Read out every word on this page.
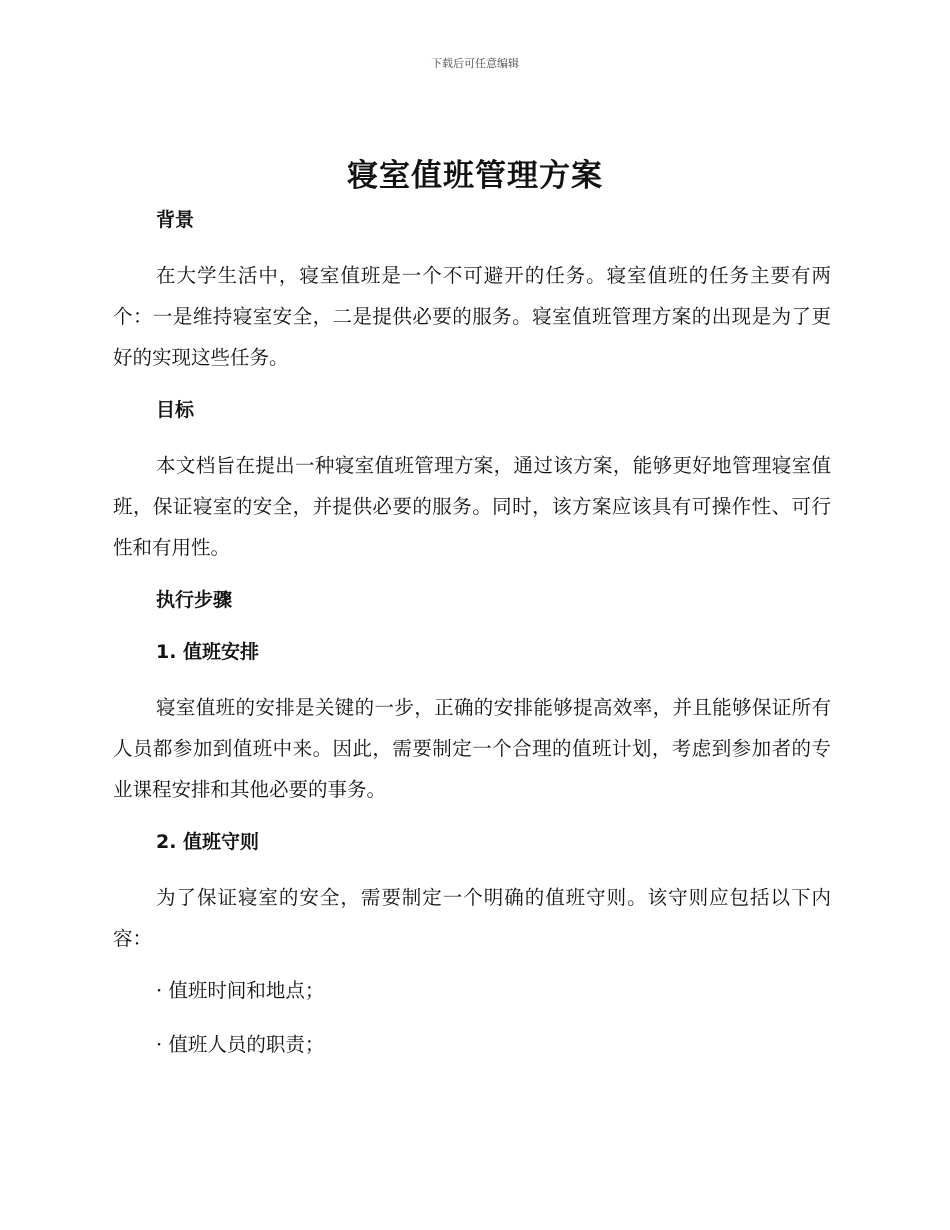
下载后可任意编辑
寝室值班管理方案
背景

在大学生活中，寝室值班是一个不可避开的任务。寝室值班的任务主要有两个：一是维持寝室安全，二是提供必要的服务。寝室值班管理方案的出现是为了更好的实现这些任务。

目标

本文档旨在提出一种寝室值班管理方案，通过该方案，能够更好地管理寝室值班，保证寝室的安全，并提供必要的服务。同时，该方案应该具有可操作性、可行性和有用性。

执行步骤
1. 值班安排

寝室值班的安排是关键的一步，正确的安排能够提高效率，并且能够保证所有人员都参加到值班中来。因此，需要制定一个合理的值班计划，考虑到参加者的专业课程安排和其他必要的事务。

2. 值班守则

为了保证寝室的安全，需要制定一个明确的值班守则。该守则应包括以下内容：

· 值班时间和地点；
· 值班人员的职责；
